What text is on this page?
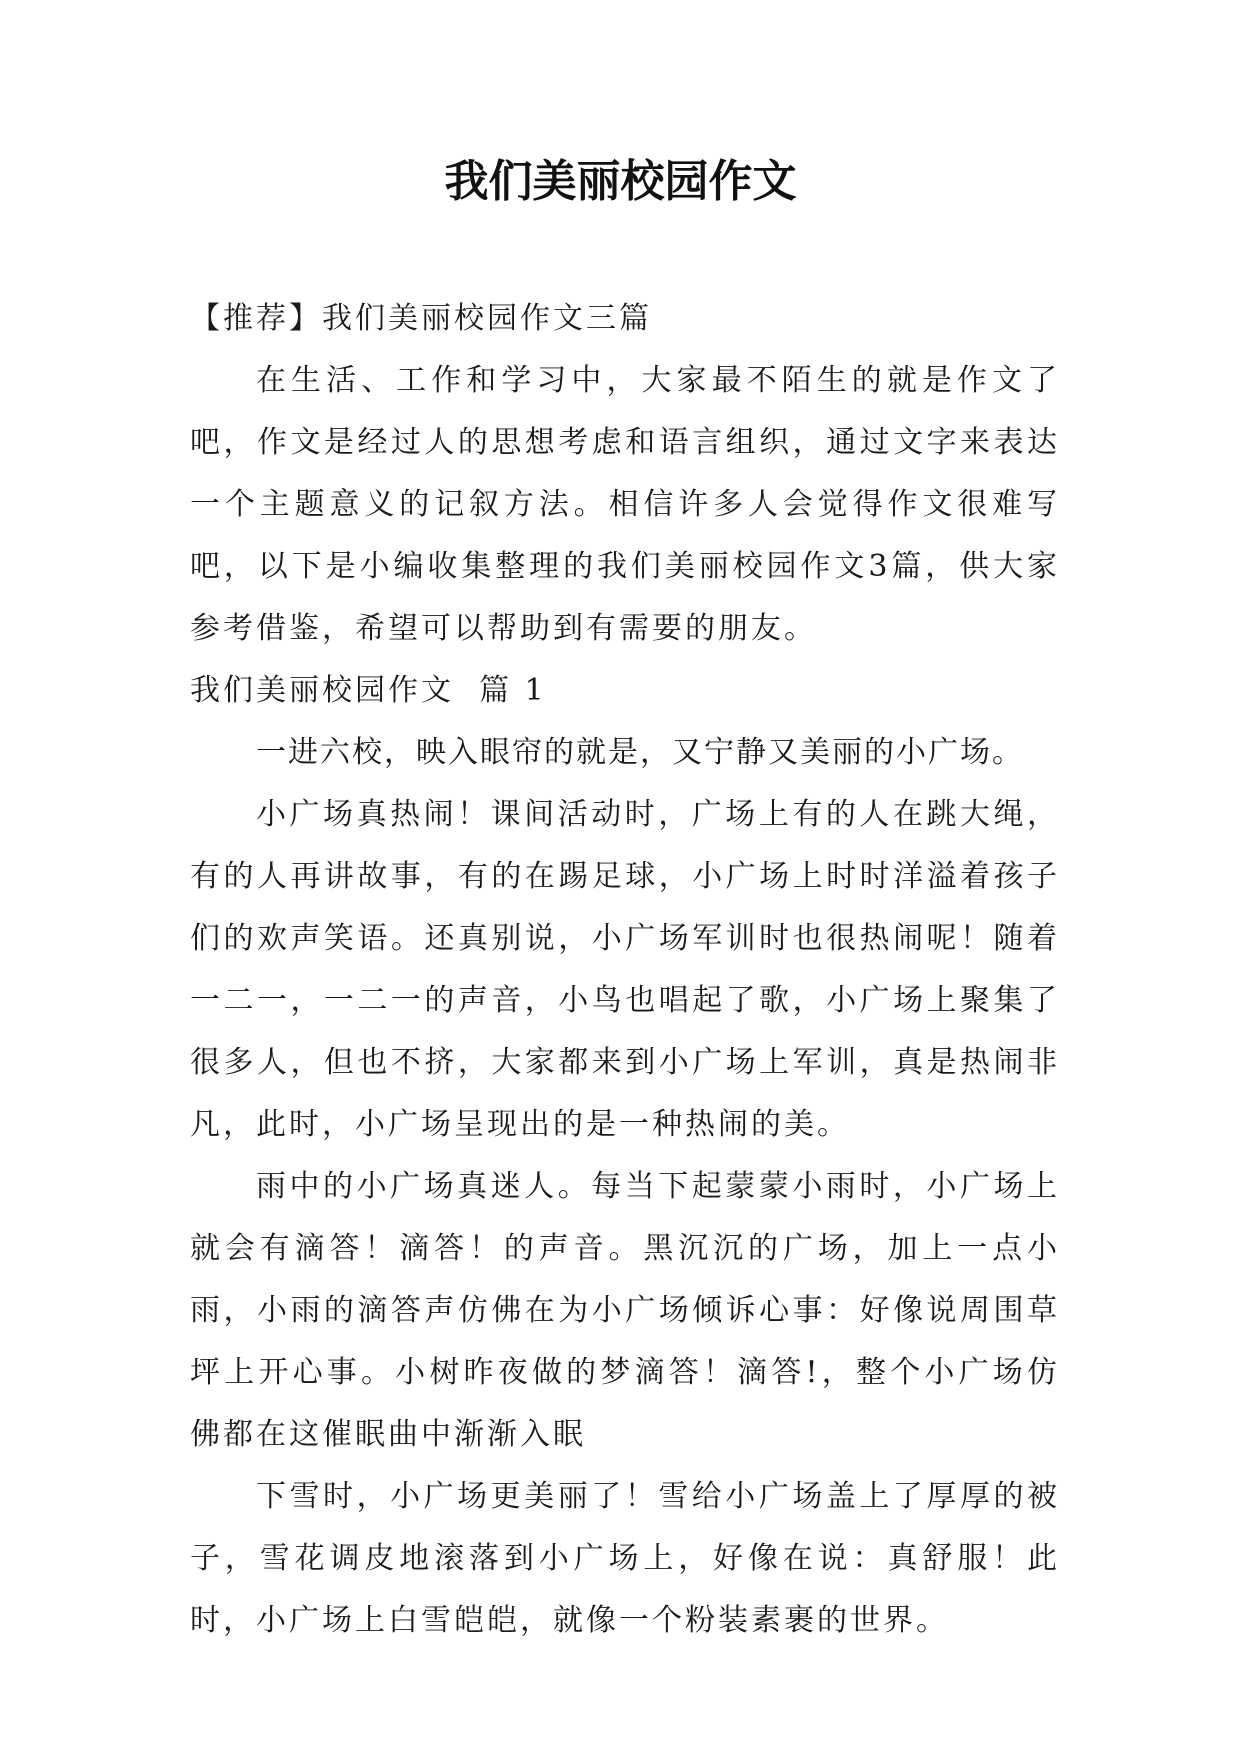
我们美丽校园作文

【推荐】我们美丽校园作文三篇

在生活、工作和学习中，大家最不陌生的就是作文了吧，作文是经过人的思想考虑和语言组织，通过文字来表达一个主题意义的记叙方法。相信许多人会觉得作文很难写吧，以下是小编收集整理的我们美丽校园作文3篇，供大家参考借鉴，希望可以帮助到有需要的朋友。

我们美丽校园作文  篇 1

一进六校，映入眼帘的就是，又宁静又美丽的小广场。

小广场真热闹！课间活动时，广场上有的人在跳大绳，有的人再讲故事，有的在踢足球，小广场上时时洋溢着孩子们的欢声笑语。还真别说，小广场军训时也很热闹呢！随着一二一，一二一的声音，小鸟也唱起了歌，小广场上聚集了很多人，但也不挤，大家都来到小广场上军训，真是热闹非凡，此时，小广场呈现出的是一种热闹的美。

雨中的小广场真迷人。每当下起蒙蒙小雨时，小广场上就会有滴答！滴答！的声音。黑沉沉的广场，加上一点小雨，小雨的滴答声仿佛在为小广场倾诉心事：好像说周围草坪上开心事。小树昨夜做的梦滴答！滴答!，整个小广场仿佛都在这催眠曲中渐渐入眠

下雪时，小广场更美丽了！雪给小广场盖上了厚厚的被子，雪花调皮地滚落到小广场上，好像在说：真舒服！此时，小广场上白雪皑皑，就像一个粉装素裹的世界。
